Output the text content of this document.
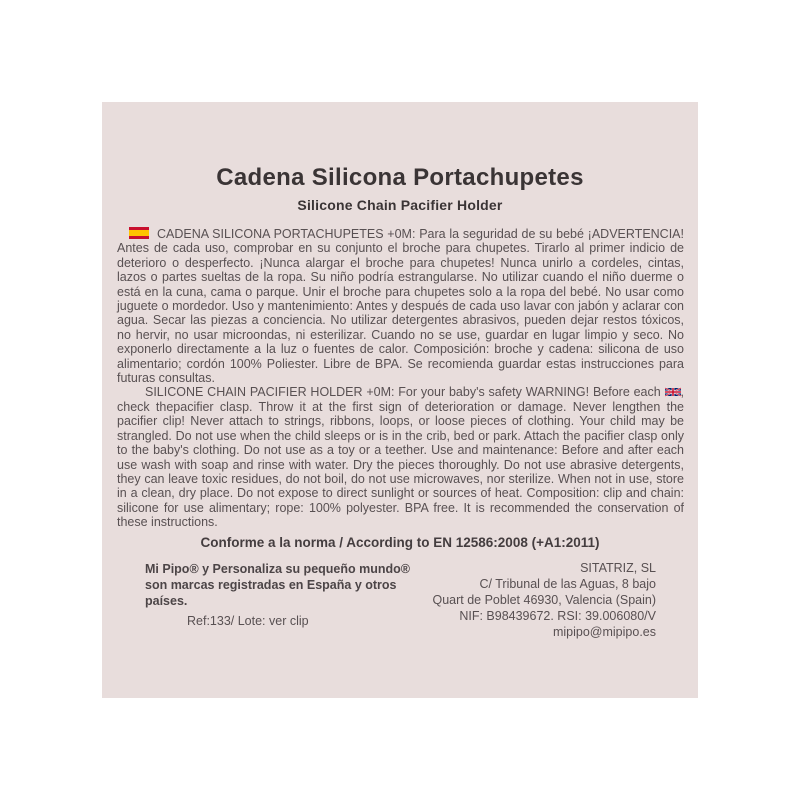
Cadena Silicona Portachupetes
Silicone Chain Pacifier Holder

CADENA SILICONA PORTACHUPETES +0M: Para la seguridad de su bebé ¡ADVERTENCIA! Antes de cada uso, comprobar en su conjunto el broche para chupetes. Tirarlo al primer indicio de deterioro o desperfecto. ¡Nunca alargar el broche para chupetes! Nunca unirlo a cordeles, cintas, lazos o partes sueltas de la ropa. Su niño podría estrangularse. No utilizar cuando el niño duerme o está en la cuna, cama o parque. Unir el broche para chupetes solo a la ropa del bebé. No usar como juguete o mordedor. Uso y mantenimiento: Antes y después de cada uso lavar con jabón y aclarar con agua. Secar las piezas a conciencia. No utilizar detergentes abrasivos, pueden dejar restos tóxicos, no hervir, no usar microondas, ni esterilizar. Cuando no se use, guardar en lugar limpio y seco. No exponerlo directamente a la luz o fuentes de calor. Composición: broche y cadena: silicona de uso alimentario; cordón 100% Poliester. Libre de BPA. Se recomienda guardar estas instrucciones para futuras consultas.

SILICONE CHAIN PACIFIER HOLDER +0M: For your baby's safety WARNING! Before each
, check thepacifier clasp. Throw it at the first sign of deterioration or damage. Never lengthen the pacifier clip! Never attach to strings, ribbons, loops, or loose pieces of clothing. Your child may be strangled. Do not use when the child sleeps or is in the crib, bed or park. Attach the pacifier clasp only to the baby's clothing. Do not use as a toy or a teether. Use and maintenance: Before and after each use wash with soap and rinse with water. Dry the pieces thoroughly. Do not use abrasive detergents, they can leave toxic residues, do not boil, do not use microwaves, nor sterilize. When not in use, store in a clean, dry place. Do not expose to direct sunlight or sources of heat. Composition: clip and chain: silicone for use alimentary; rope: 100% polyester. BPA free. It is recommended the conservation of these instructions.

Conforme a la norma / According to EN 12586:2008 (+A1:2011)
Mi Pipo® y Personaliza su pequeño mundo® son marcas registradas en España y otros países.
Ref:133/ Lote: ver clip
SITATRIZ, SL
C/ Tribunal de las Aguas, 8 bajo
Quart de Poblet 46930, Valencia (Spain)
NIF: B98439672. RSI: 39.006080/V
mipipo@mipipo.es
